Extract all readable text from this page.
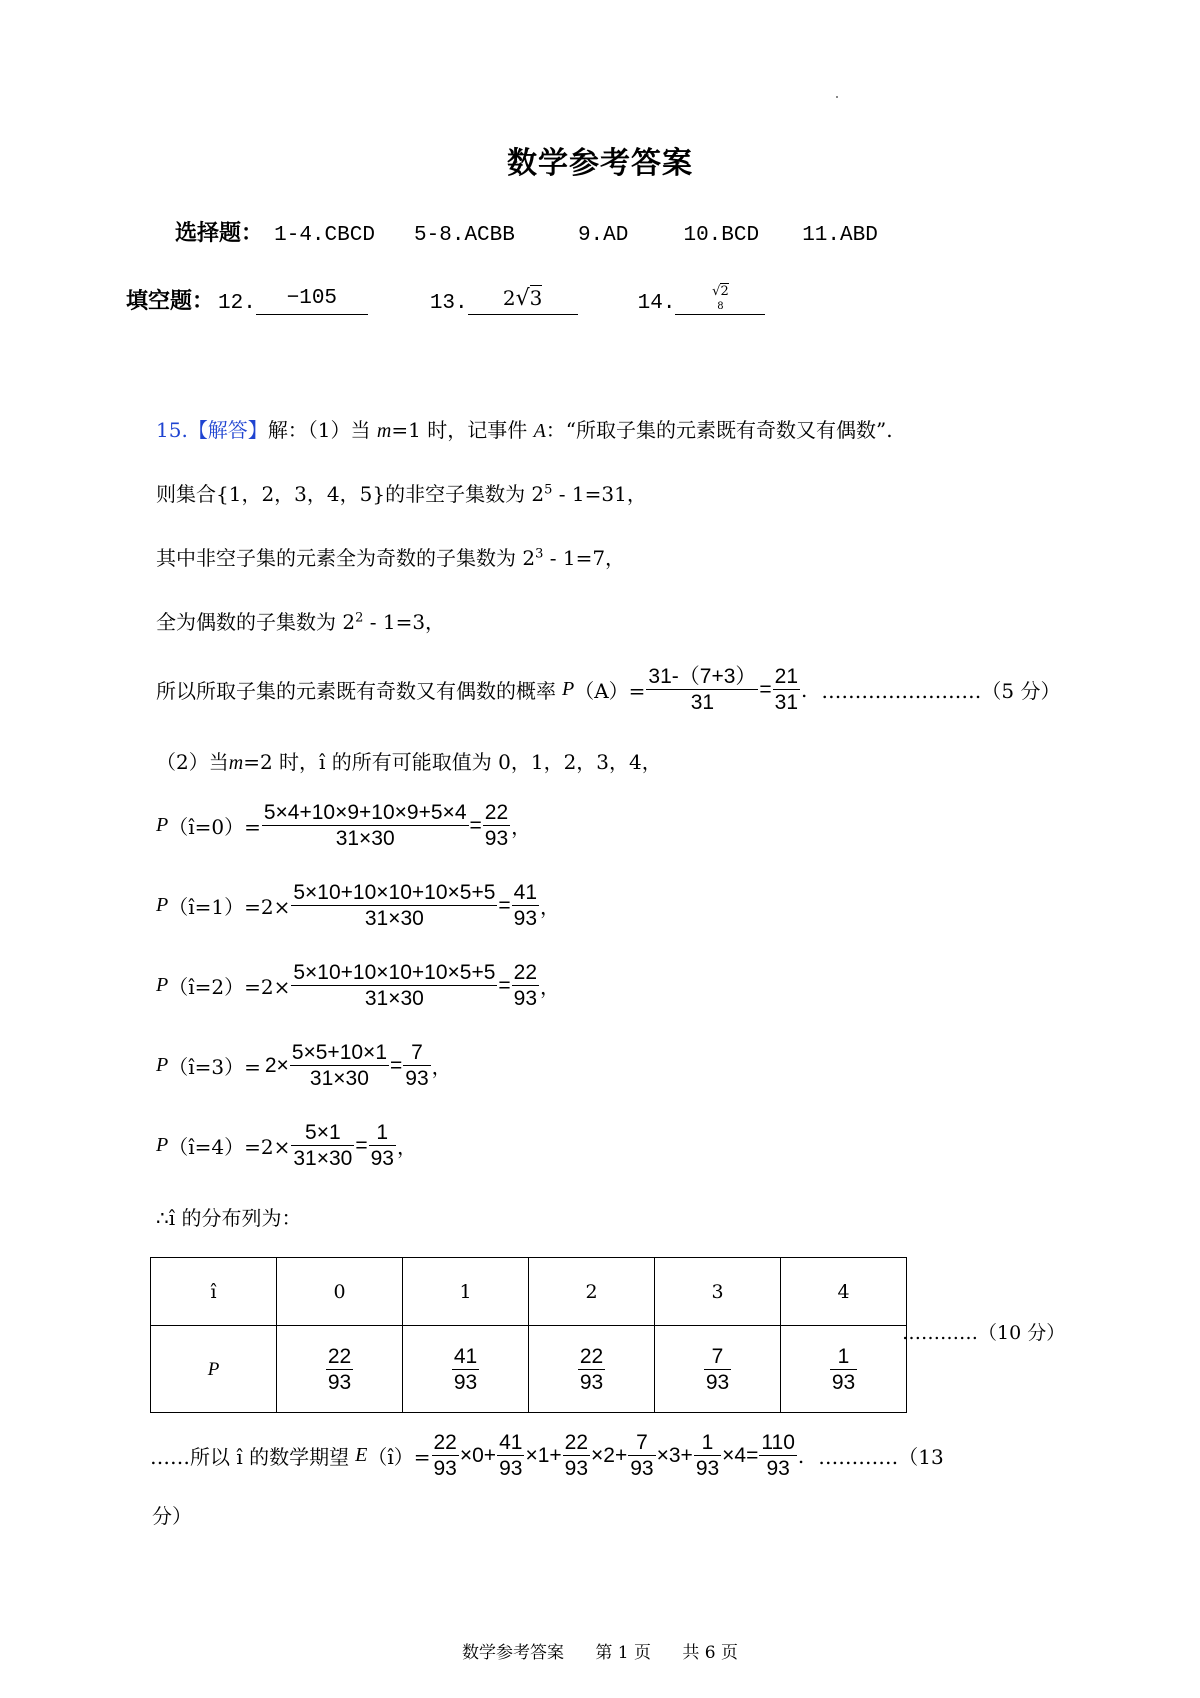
数学参考答案
选择题： 1-4.CBCD 5-8.ACBB	9.AD	10.BCD 11.ABD
填空题： 12.	−105	13.	2√3	14.
√2
8
15.【解答】解：（1）当 m=1 时，记事件 A：“所取子集的元素既有奇数又有偶数”.
则集合{1，2，3，4，5}的非空子集数为 $2^5 - 1=31$，
其中非空子集的元素全为奇数的子集数为 $2^3 - 1=7$，
全为偶数的子集数为 $2^2 - 1=3$，
所以所取子集的元素既有奇数又有偶数的概率 P $(A)= \frac{31-(7+3)}{31} = \frac{21}{31}$ . ……………………（5 分）
（2）当m=2 时，î 的所有可能取值为 0，1，2，3，4，
P （î=0）= $\frac{5\times 4+10\times 9+10\times 9+5\times 4}{31\times 30} = \frac{22}{93}$ ，
P （î=1）=2× $\frac{5\times 10+10\times 10+10\times 5+5}{31\times 30} = \frac{41}{93}$ ，
P （î=2）=2× $\frac{5\times 10+10\times 10+10\times 5+5}{31\times 30} = \frac{22}{93}$ ，
P （î=3）= $2\times \frac{5\times 5+10\times 1}{31\times 30} = \frac{7}{93}$ ，
P （î=4）=2× $\frac{5\times 1}{31\times 30} = \frac{1}{93}$ ，
∴î 的分布列为：
î	0	1	2	3	4
P	$\frac{22}{93}$	$\frac{41}{93}$	$\frac{22}{93}$	$\frac{7}{93}$	$\frac{1}{93}$
…………（10 分）
……所以 î 的数学期望 E （î）= $\frac{22}{93} \times 0+ \frac{41}{93} \times 1+ \frac{22}{93} \times 2+ \frac{7}{93} \times 3+ \frac{1}{93} \times 4= \frac{110}{93}$ . …………（13
分）
数学参考答案 第 1 页 共 6 页
